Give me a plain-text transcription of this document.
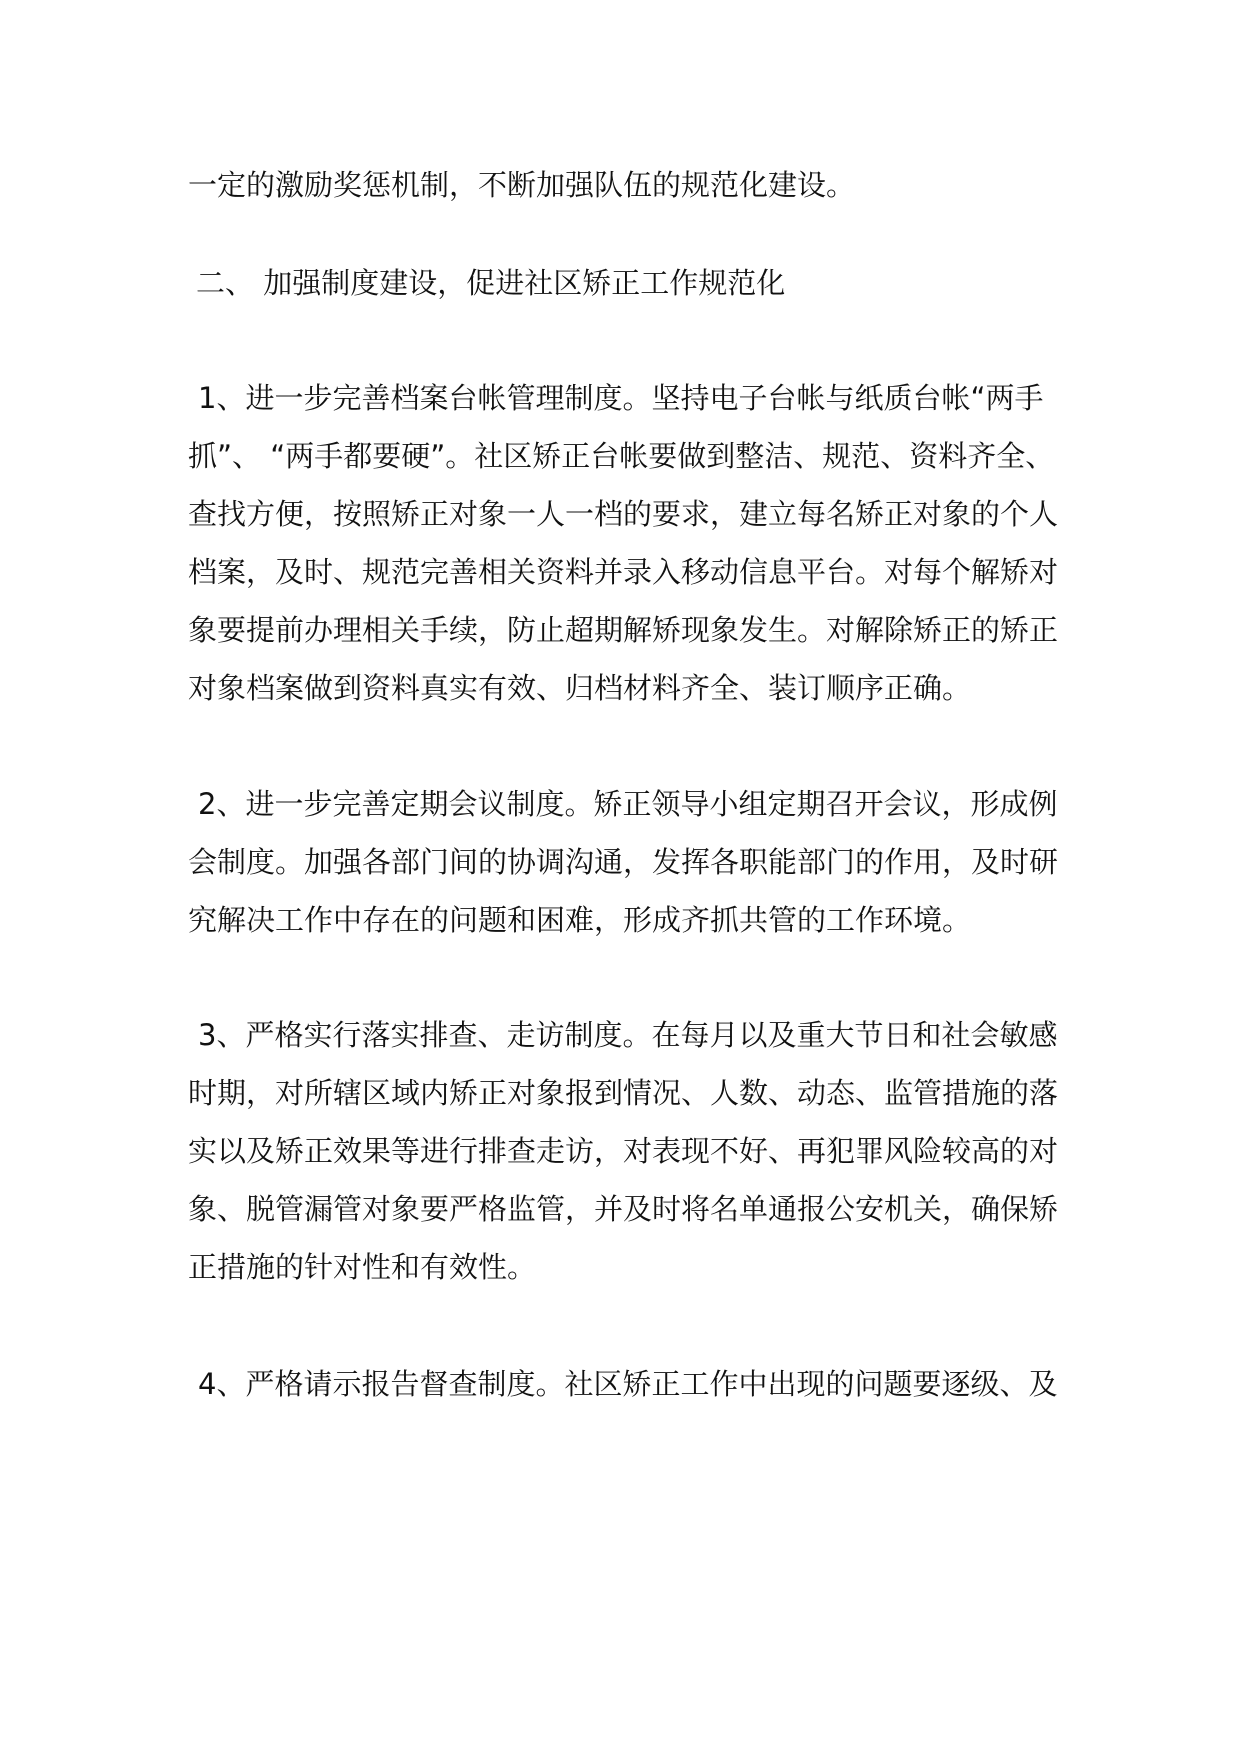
一定的激励奖惩机制，不断加强队伍的规范化建设。
二、 加强制度建设，促进社区矫正工作规范化
1、进一步完善档案台帐管理制度。坚持电子台帐与纸质台帐“两手
抓”、 “两手都要硬”。社区矫正台帐要做到整洁、规范、资料齐全、
查找方便，按照矫正对象一人一档的要求，建立每名矫正对象的个人
档案，及时、规范完善相关资料并录入移动信息平台。对每个解矫对
象要提前办理相关手续，防止超期解矫现象发生。对解除矫正的矫正
对象档案做到资料真实有效、归档材料齐全、装订顺序正确。
2、进一步完善定期会议制度。矫正领导小组定期召开会议，形成例
会制度。加强各部门间的协调沟通，发挥各职能部门的作用，及时研
究解决工作中存在的问题和困难，形成齐抓共管的工作环境。
3、严格实行落实排查、走访制度。在每月以及重大节日和社会敏感
时期，对所辖区域内矫正对象报到情况、人数、动态、监管措施的落
实以及矫正效果等进行排查走访，对表现不好、再犯罪风险较高的对
象、脱管漏管对象要严格监管，并及时将名单通报公安机关，确保矫
正措施的针对性和有效性。
4、严格请示报告督查制度。社区矫正工作中出现的问题要逐级、及
